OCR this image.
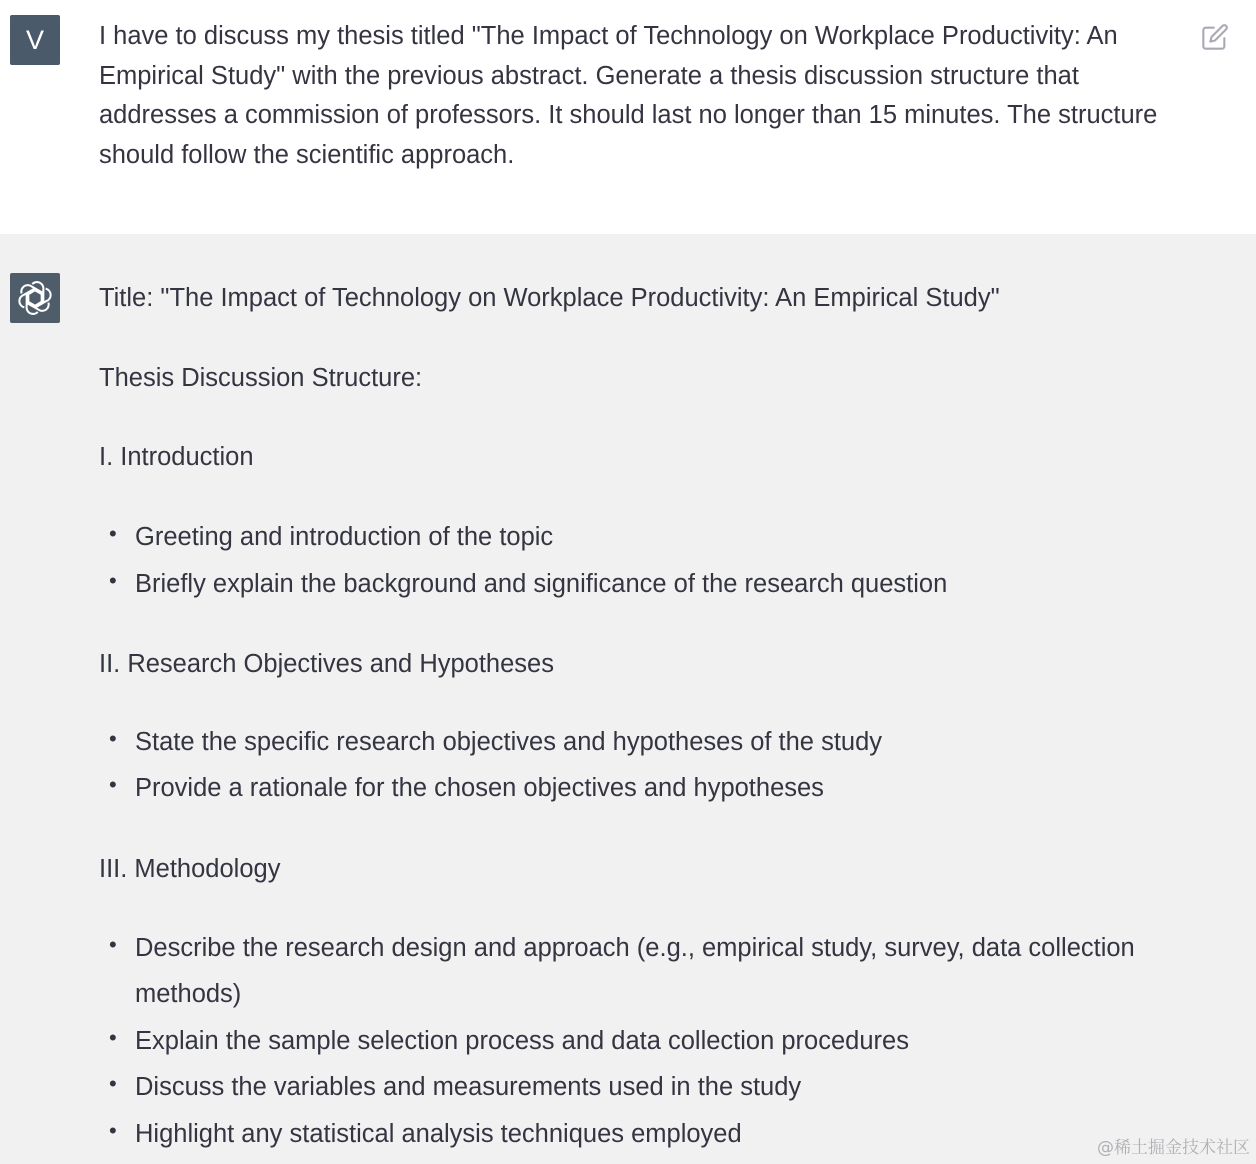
V I have to discuss my thesis titled "The Impact of Technology on Workplace Productivity: An Empirical Study" with the previous abstract. Generate a thesis discussion structure that addresses a commission of professors. It should last no longer than 15 minutes. The structure should follow the scientific approach.
Title: "The Impact of Technology on Workplace Productivity: An Empirical Study"
Thesis Discussion Structure:
I. Introduction
• Greeting and introduction of the topic
• Briefly explain the background and significance of the research question
II. Research Objectives and Hypotheses
• State the specific research objectives and hypotheses of the study
• Provide a rationale for the chosen objectives and hypotheses
III. Methodology
• Describe the research design and approach (e.g., empirical study, survey, data collection methods)
• Explain the sample selection process and data collection procedures
• Discuss the variables and measurements used in the study
• Highlight any statistical analysis techniques employed	@稀土掘金技术社区
